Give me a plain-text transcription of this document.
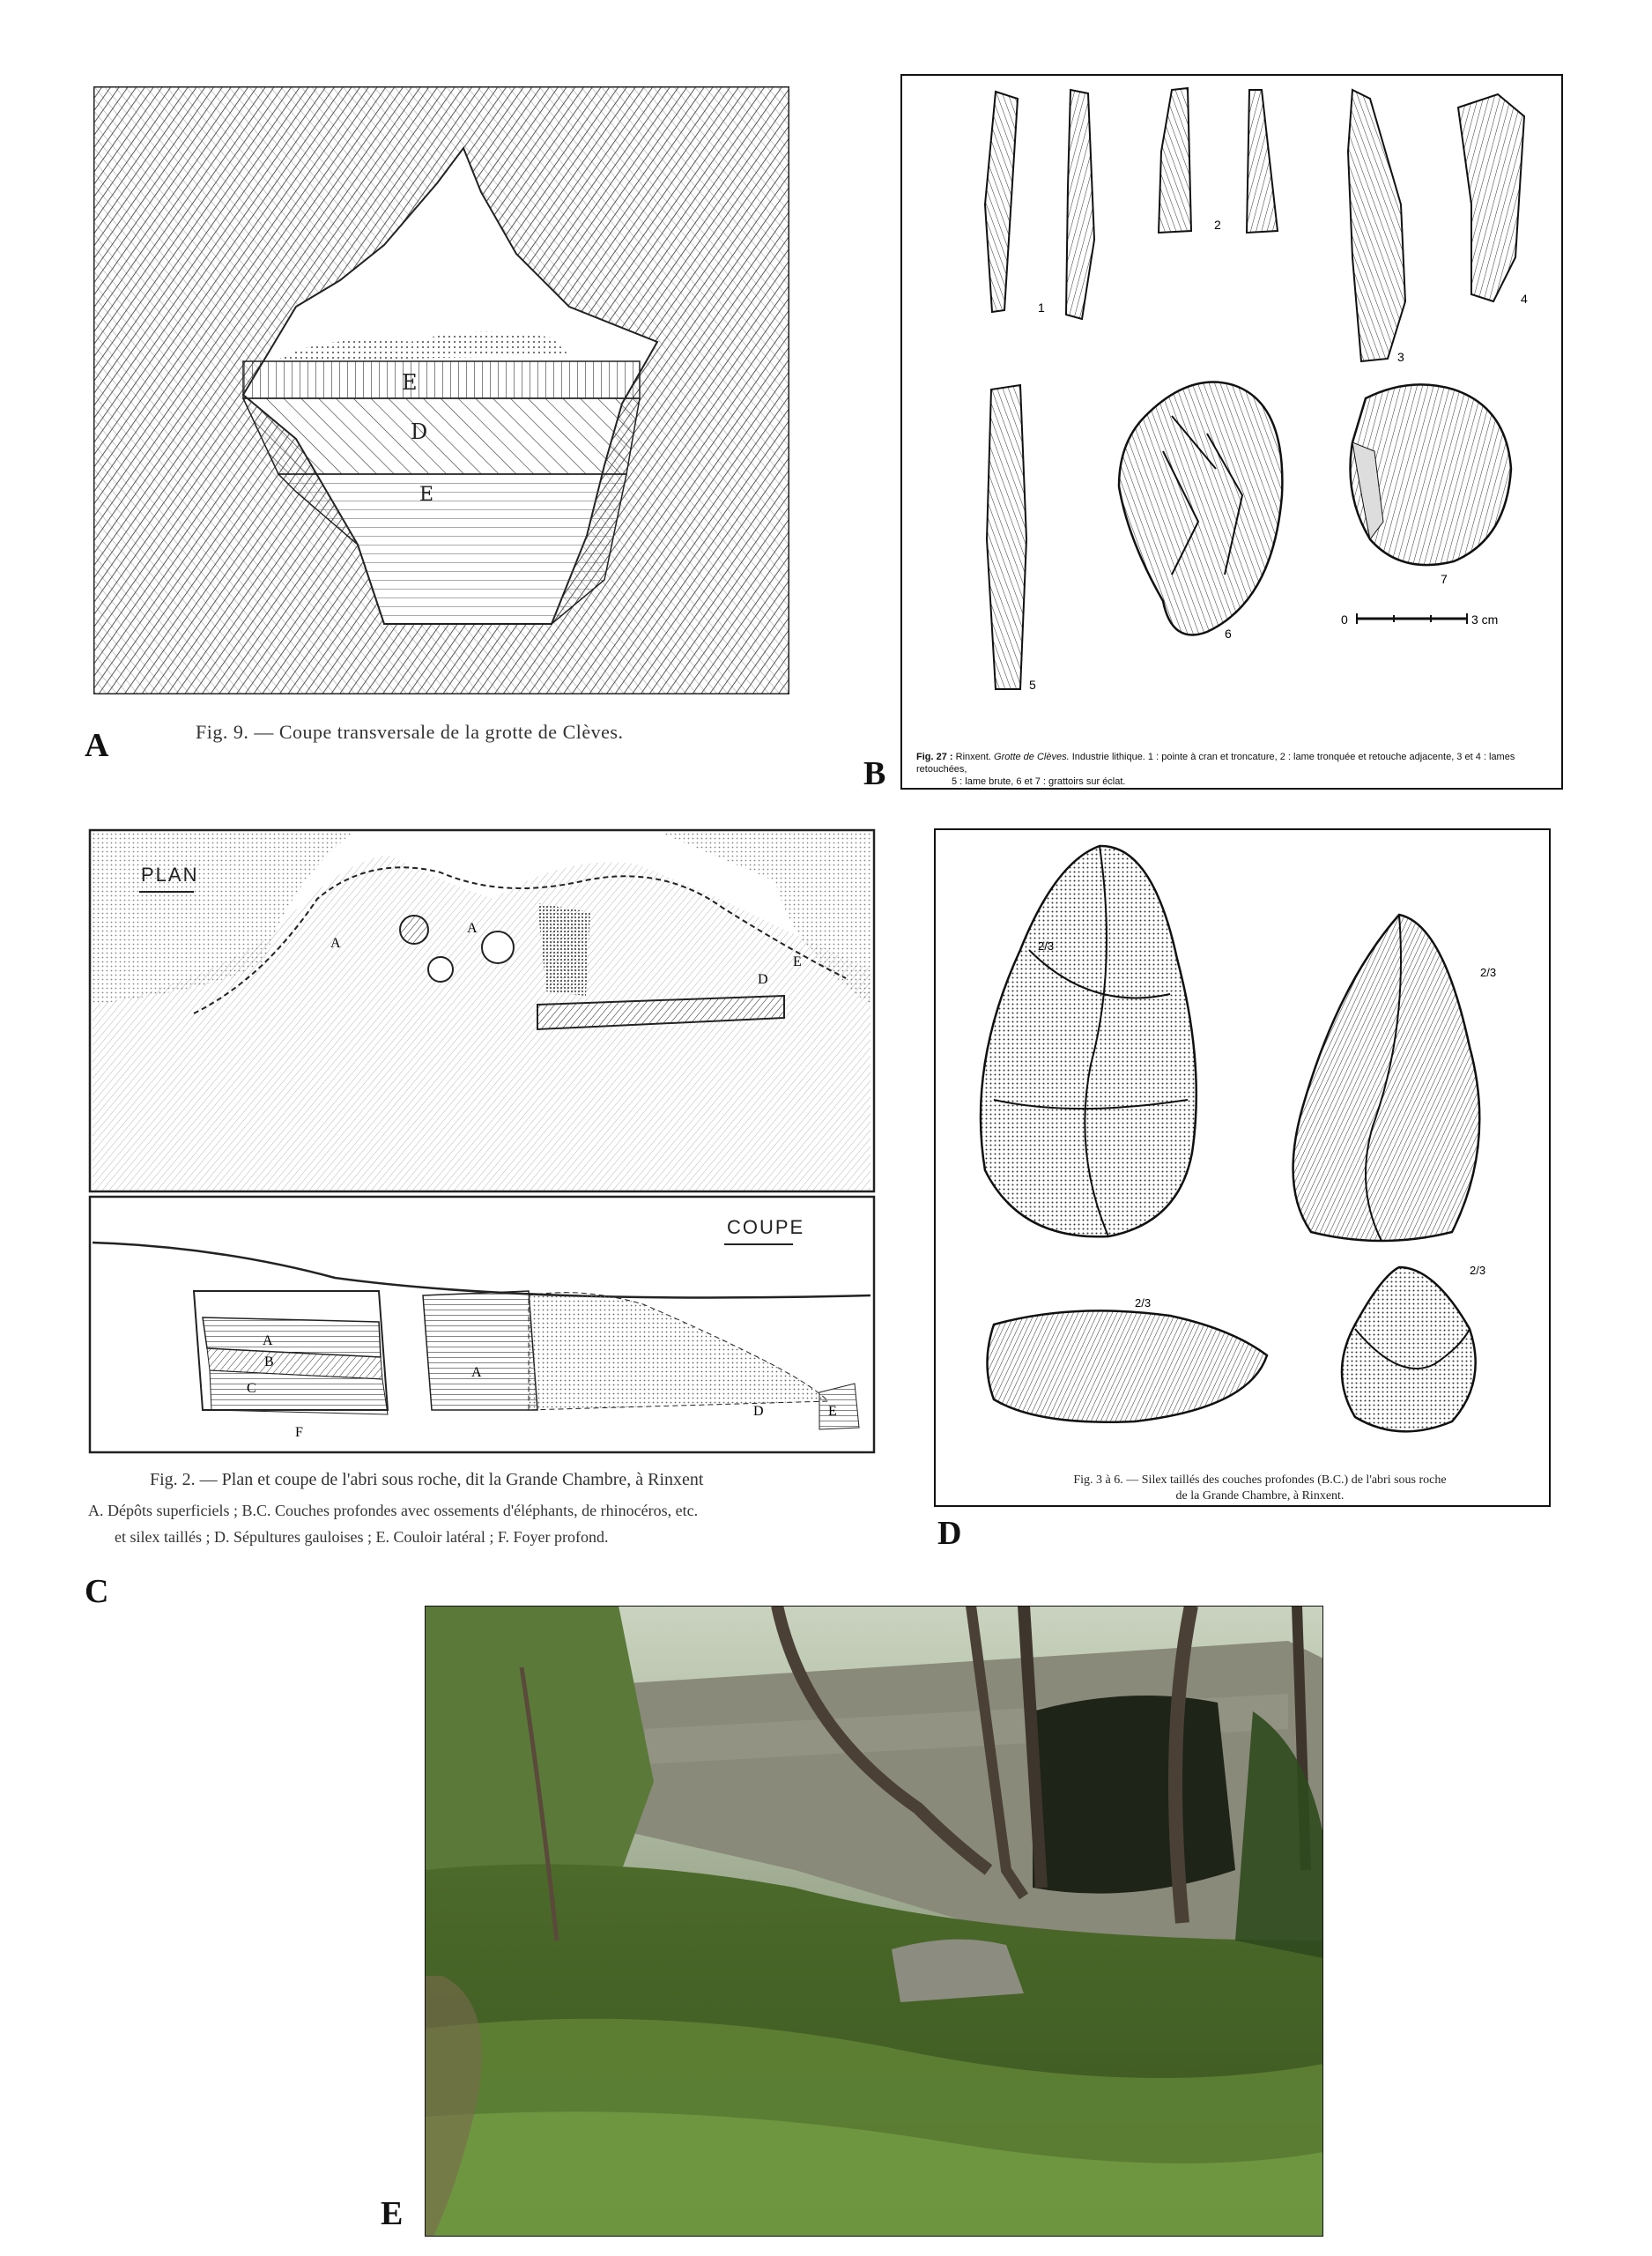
E
D
E
A	Fig. 9. — Coupe transversale de la grotte de Clèves.
1
2
3
4
5
6
7
0	3 cm
Fig. 27 : Rinxent. Grotte de Clèves. Industrie lithique. 1 : pointe à cran et troncature, 2 : lame tronquée et retouche adjacente, 3 et 4 : lames retouchées,
5 : lame brute, 6 et 7 : grattoirs sur éclat.
B
PLAN
A
A
D
E
COUPE
A
B
C
F
A
D	E
Fig. 2. — Plan et coupe de l'abri sous roche, dit la Grande Chambre, à Rinxent
A. Dépôts superficiels ; B.C. Couches profondes avec ossements d'éléphants, de rhinocéros, etc.
et silex taillés ; D. Sépultures gauloises ; E. Couloir latéral ; F. Foyer profond.
C
2/3
2/3
2/3
2/3
Fig. 3 à 6. — Silex taillés des couches profondes (B.C.) de l'abri sous roche
de la Grande Chambre, à Rinxent.
D
E
